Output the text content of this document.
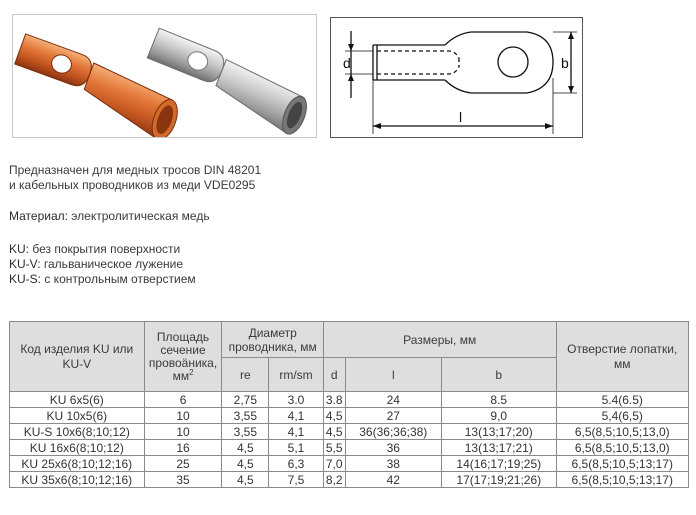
d	b
l
Предназначен для медных тросов DIN 48201
и кабельных проводников из меди VDE0295
Материал: электролитическая медь
KU: без покрытия поверхности
KU-V: гальваническое лужение
KU-S: с контрольным отверстием
Код изделия KU или KU-V	Площадь сечение провоäника, $мм^2$	Диаметр проводника, мм		Размеры, мм			Отверстие лопатки, мм
		re	rm/sm	d	l	b	
KU 6x5(6)	6	2,75	3.0	3.8	24	8.5	5.4(6.5)
KU 10x5(6)	10	3,55	4,1	4,5	27	9,0	5,4(6,5)
KU-S 10x6(8;10;12)	10	3,55	4,1	4,5	36(36;36;38)	13(13;17;20)	6,5(8,5;10,5;13,0)
KU 16x6(8;10;12)	16	4,5	5,1	5,5	36	13(13;17;21)	6,5(8,5;10,5;13,0)
KU 25x6(8;10;12;16)	25	4,5	6,3	7,0	38	14(16;17;19;25)	6,5(8,5;10,5;13;17)
KU 35x6(8;10;12;16)	35	4,5	7,5	8,2	42	17(17;19;21;26)	6,5(8,5;10,5;13;17)
